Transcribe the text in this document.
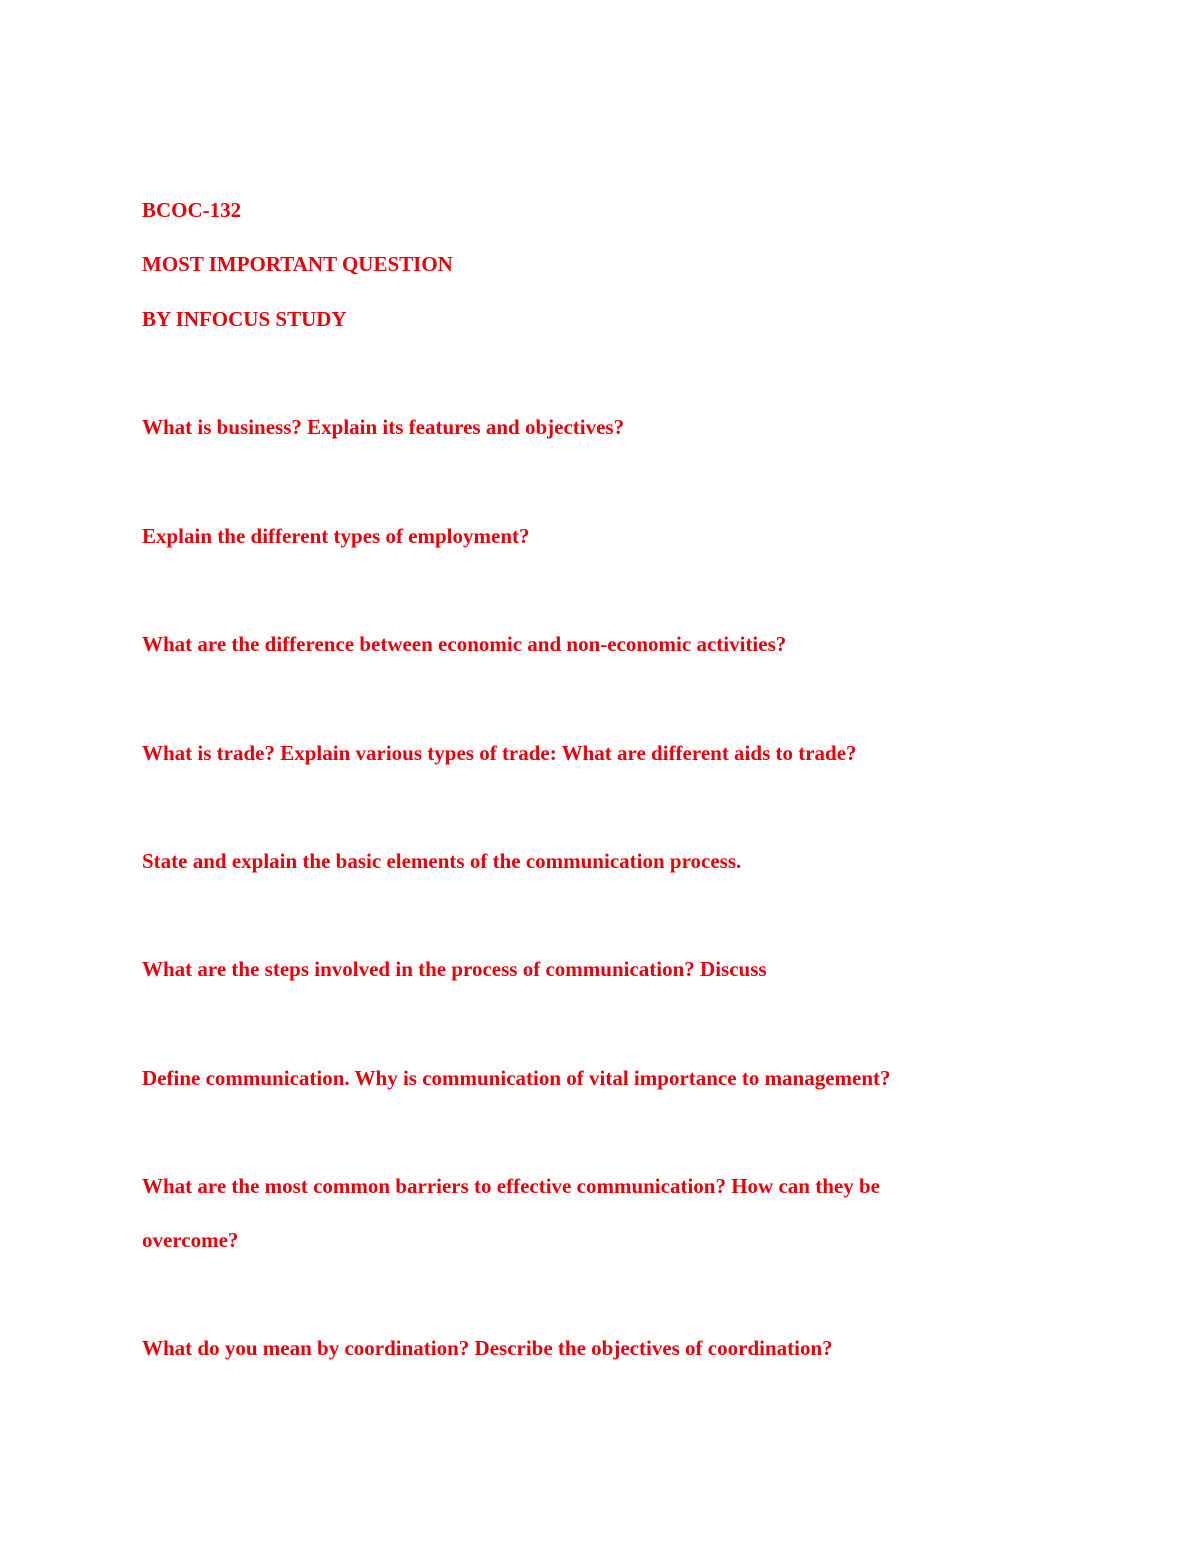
BCOC-132

MOST IMPORTANT QUESTION

BY INFOCUS STUDY

What is business? Explain its features and objectives?

Explain the different types of employment?

What are the difference between economic and non-economic activities?

What is trade? Explain various types of trade: What are different aids to trade?

State and explain the basic elements of the communication process.

What are the steps involved in the process of communication? Discuss

Define communication. Why is communication of vital importance to management?

What are the most common barriers to effective communication? How can they be

overcome?

What do you mean by coordination? Describe the objectives of coordination?
